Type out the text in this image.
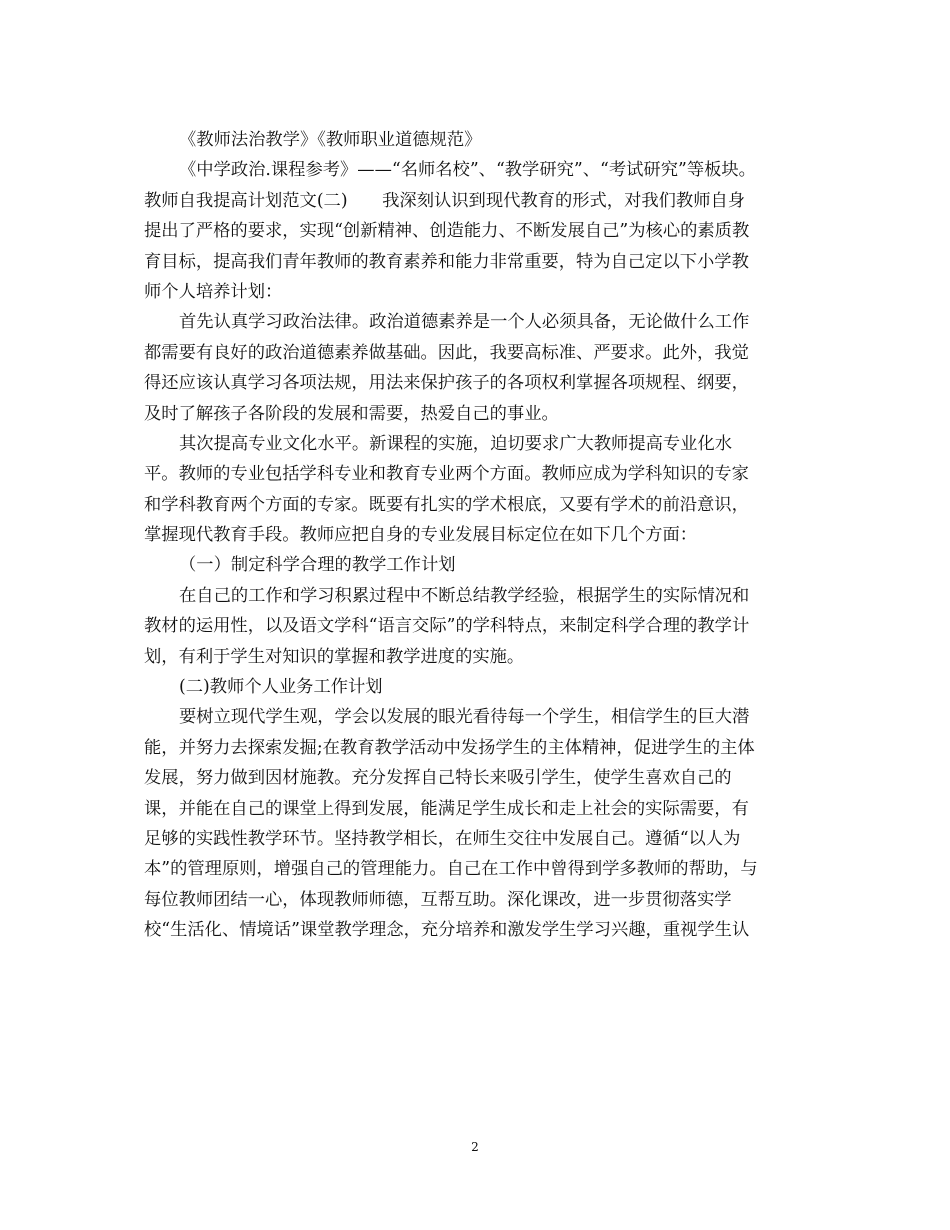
《教师法治教学》《教师职业道德规范》
《中学政治.课程参考》——“名师名校”、“教学研究”、“考试研究”等板块。
教师自我提高计划范文(二)　　我深刻认识到现代教育的形式，对我们教师自身
提出了严格的要求，实现“创新精神、创造能力、不断发展自己”为核心的素质教
育目标，提高我们青年教师的教育素养和能力非常重要，特为自己定以下小学教
师个人培养计划：
首先认真学习政治法律。政治道德素养是一个人必须具备，无论做什么工作
都需要有良好的政治道德素养做基础。因此，我要高标准、严要求。此外，我觉
得还应该认真学习各项法规，用法来保护孩子的各项权利掌握各项规程、纲要，
及时了解孩子各阶段的发展和需要，热爱自己的事业。
其次提高专业文化水平。新课程的实施，迫切要求广大教师提高专业化水
平。教师的专业包括学科专业和教育专业两个方面。教师应成为学科知识的专家
和学科教育两个方面的专家。既要有扎实的学术根底，又要有学术的前沿意识，
掌握现代教育手段。教师应把自身的专业发展目标定位在如下几个方面：
（一）制定科学合理的教学工作计划
在自己的工作和学习积累过程中不断总结教学经验，根据学生的实际情况和
教材的运用性，以及语文学科“语言交际”的学科特点，来制定科学合理的教学计
划，有利于学生对知识的掌握和教学进度的实施。
(二)教师个人业务工作计划
要树立现代学生观，学会以发展的眼光看待每一个学生，相信学生的巨大潜
能，并努力去探索发掘;在教育教学活动中发扬学生的主体精神，促进学生的主体
发展，努力做到因材施教。充分发挥自己特长来吸引学生，使学生喜欢自己的
课，并能在自己的课堂上得到发展，能满足学生成长和走上社会的实际需要，有
足够的实践性教学环节。坚持教学相长，在师生交往中发展自己。遵循“以人为
本”的管理原则，增强自己的管理能力。自己在工作中曾得到学多教师的帮助，与
每位教师团结一心，体现教师师德，互帮互助。深化课改，进一步贯彻落实学
校“生活化、情境话”课堂教学理念，充分培养和激发学生学习兴趣，重视学生认
2
